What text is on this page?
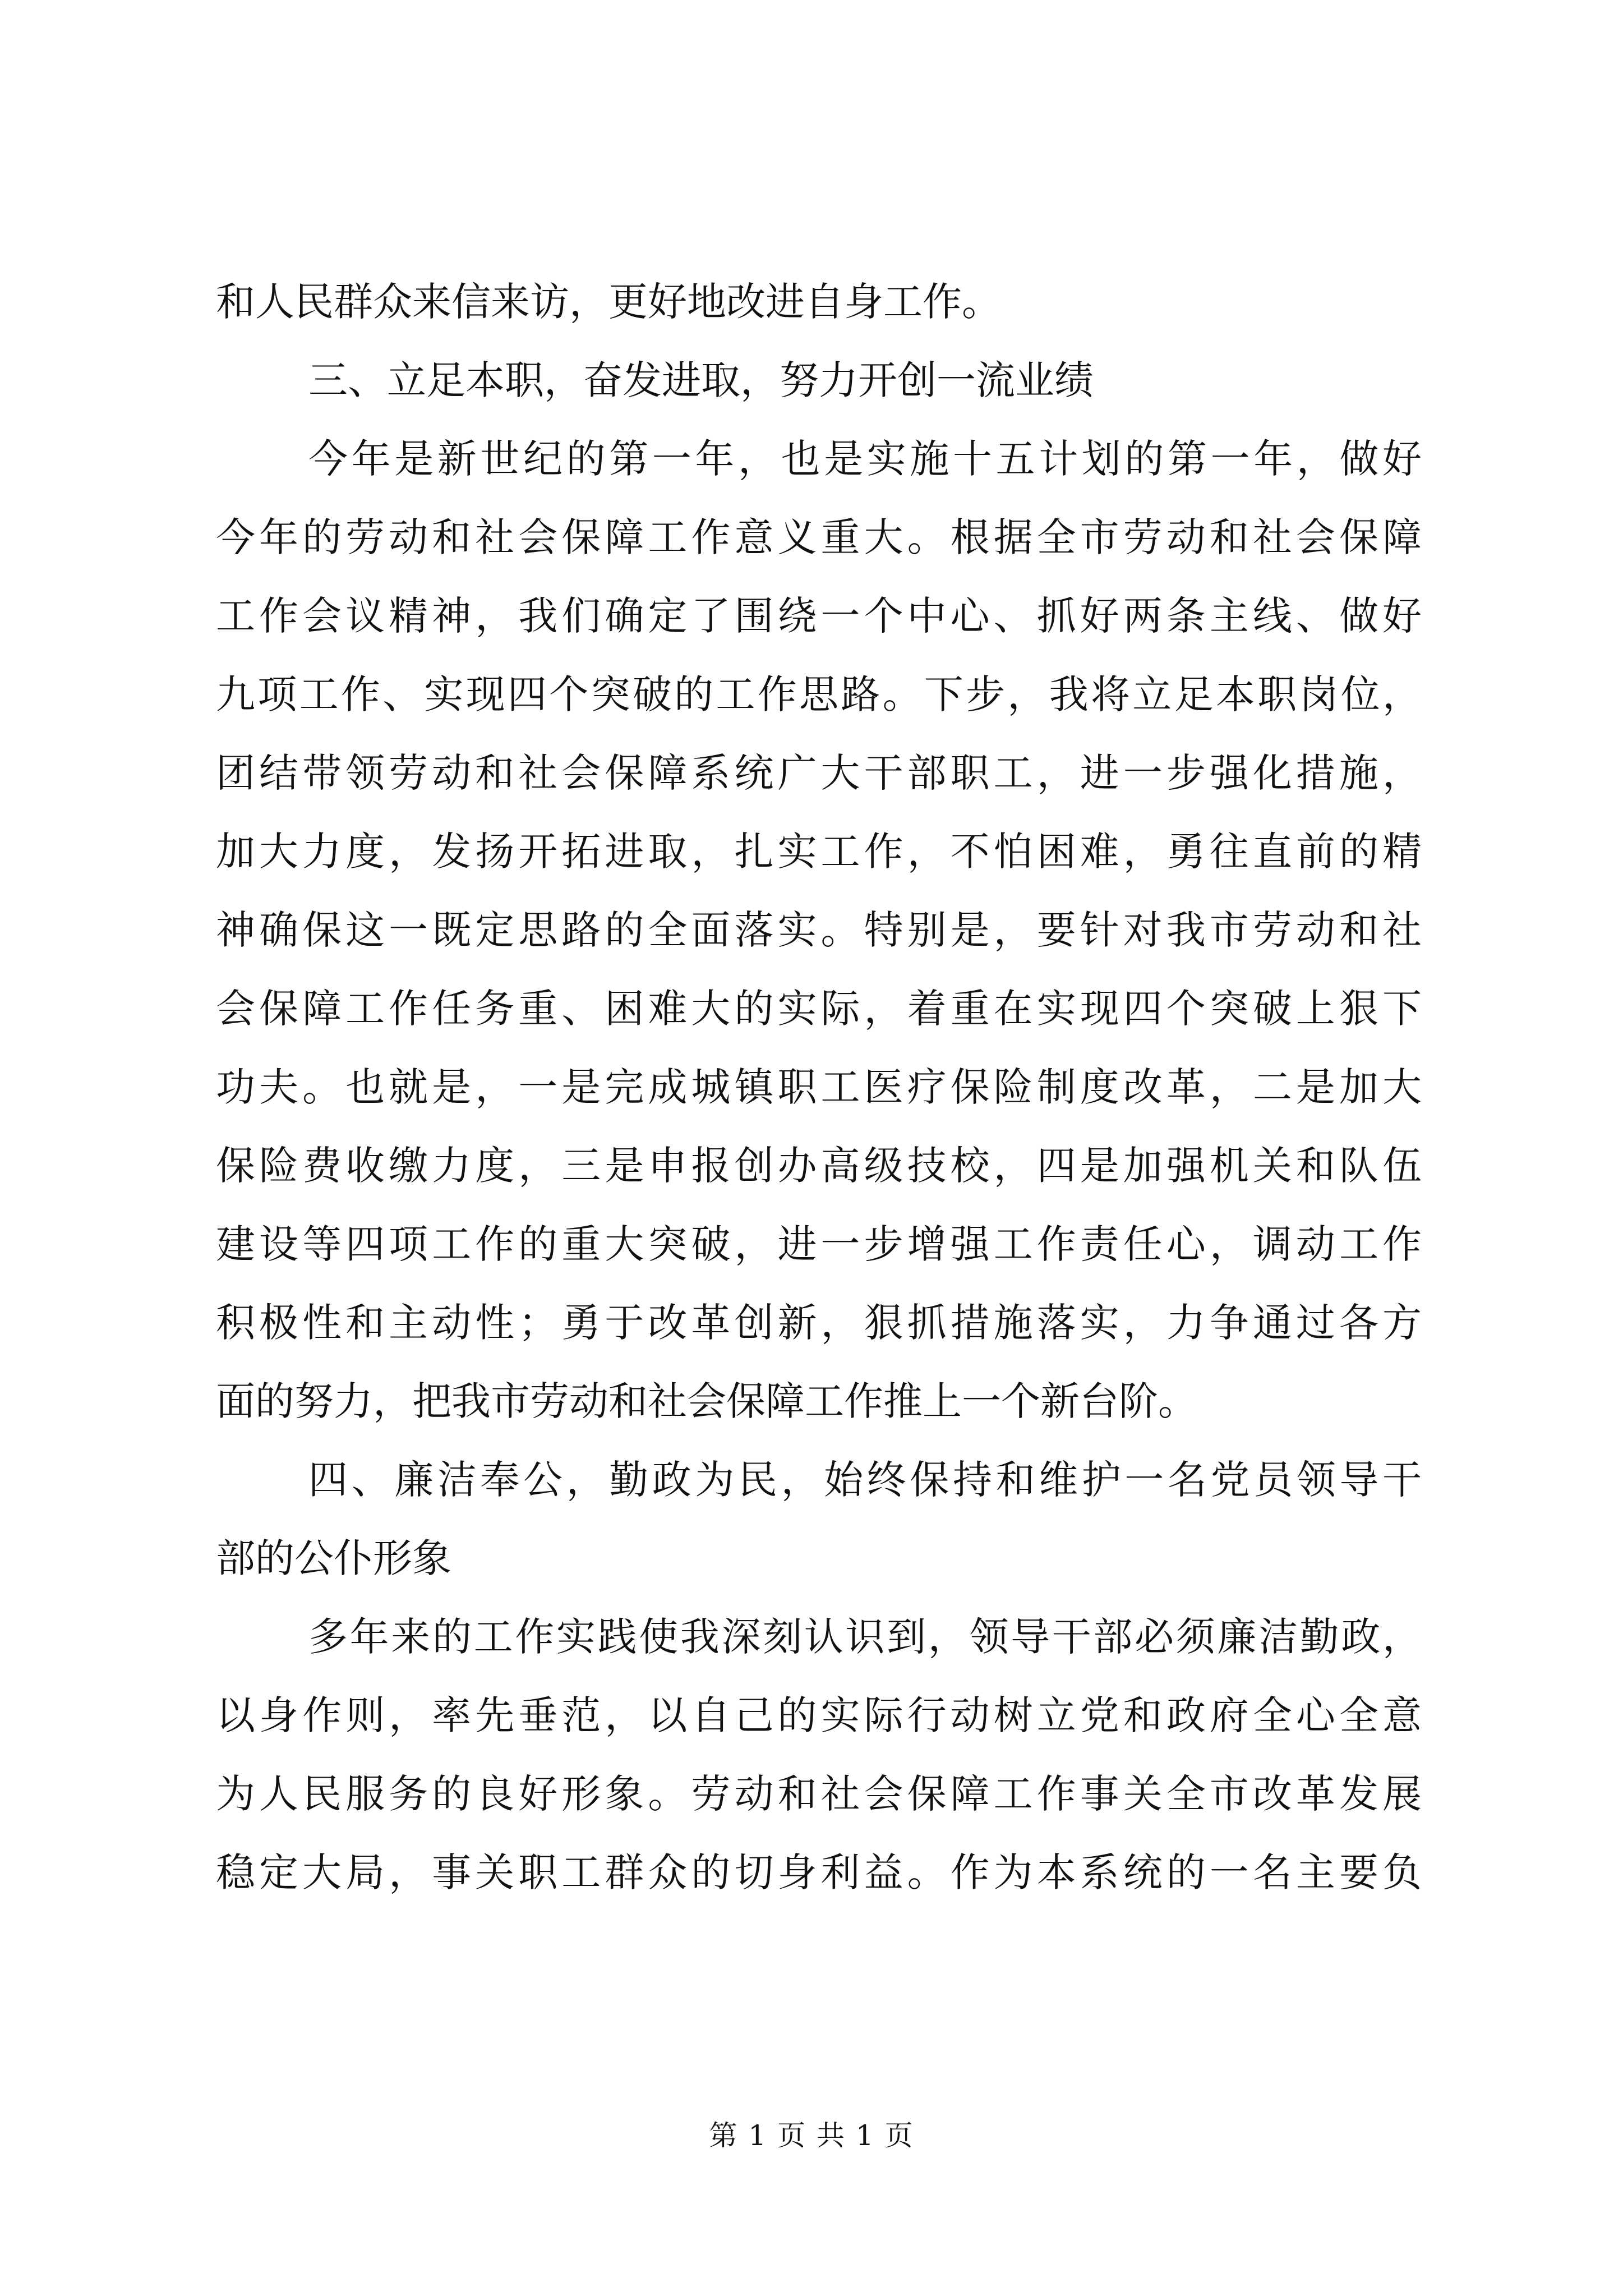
和人民群众来信来访，更好地改进自身工作。
三、立足本职，奋发进取，努力开创一流业绩
今年是新世纪的第一年，也是实施十五计划的第一年，做好
今年的劳动和社会保障工作意义重大。根据全市劳动和社会保障
工作会议精神，我们确定了围绕一个中心、抓好两条主线、做好
九项工作、实现四个突破的工作思路。下步，我将立足本职岗位，
团结带领劳动和社会保障系统广大干部职工，进一步强化措施，
加大力度，发扬开拓进取，扎实工作，不怕困难，勇往直前的精
神确保这一既定思路的全面落实。特别是，要针对我市劳动和社
会保障工作任务重、困难大的实际，着重在实现四个突破上狠下
功夫。也就是，一是完成城镇职工医疗保险制度改革，二是加大
保险费收缴力度，三是申报创办高级技校，四是加强机关和队伍
建设等四项工作的重大突破，进一步增强工作责任心，调动工作
积极性和主动性；勇于改革创新，狠抓措施落实，力争通过各方
面的努力，把我市劳动和社会保障工作推上一个新台阶。
四、廉洁奉公，勤政为民，始终保持和维护一名党员领导干
部的公仆形象
多年来的工作实践使我深刻认识到，领导干部必须廉洁勤政，
以身作则，率先垂范，以自己的实际行动树立党和政府全心全意
为人民服务的良好形象。劳动和社会保障工作事关全市改革发展
稳定大局，事关职工群众的切身利益。作为本系统的一名主要负
第 1 页 共 1 页
